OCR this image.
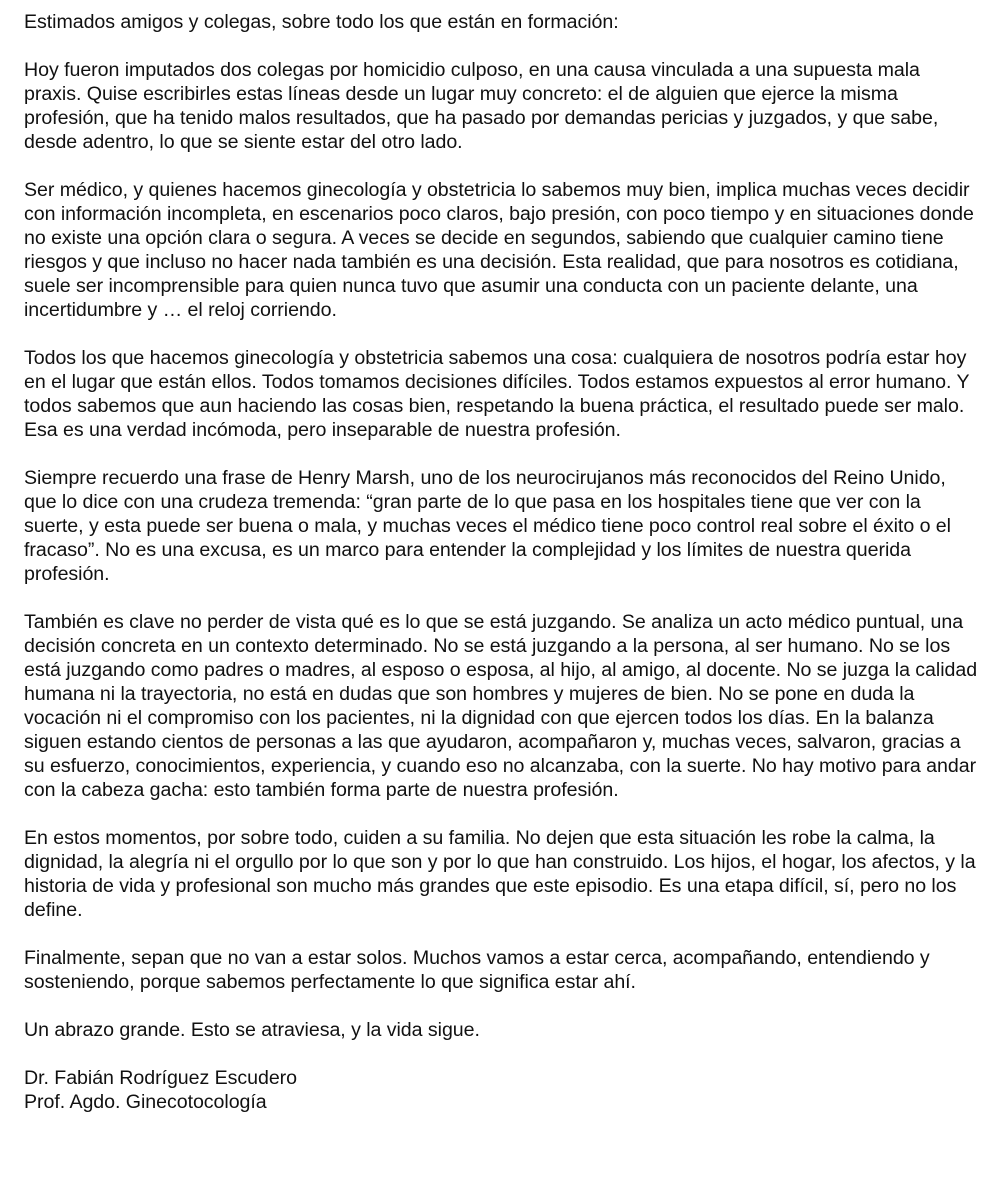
Estimados amigos y colegas, sobre todo los que están en formación:

Hoy fueron imputados dos colegas por homicidio culposo, en una causa vinculada a una supuesta mala praxis. Quise escribirles estas líneas desde un lugar muy concreto: el de alguien que ejerce la misma profesión, que ha tenido malos resultados, que ha pasado por demandas pericias y juzgados, y que sabe, desde adentro, lo que se siente estar del otro lado.

Ser médico, y quienes hacemos ginecología y obstetricia lo sabemos muy bien, implica muchas veces decidir con información incompleta, en escenarios poco claros, bajo presión, con poco tiempo y en situaciones donde no existe una opción clara o segura. A veces se decide en segundos, sabiendo que cualquier camino tiene riesgos y que incluso no hacer nada también es una decisión. Esta realidad, que para nosotros es cotidiana, suele ser incomprensible para quien nunca tuvo que asumir una conducta con un paciente delante, una incertidumbre y … el reloj corriendo.

Todos los que hacemos ginecología y obstetricia sabemos una cosa: cualquiera de nosotros podría estar hoy en el lugar que están ellos. Todos tomamos decisiones difíciles. Todos estamos expuestos al error humano. Y todos sabemos que aun haciendo las cosas bien, respetando la buena práctica, el resultado puede ser malo. Esa es una verdad incómoda, pero inseparable de nuestra profesión.

Siempre recuerdo una frase de Henry Marsh, uno de los neurocirujanos más reconocidos del Reino Unido, que lo dice con una crudeza tremenda: “gran parte de lo que pasa en los hospitales tiene que ver con la suerte, y esta puede ser buena o mala, y muchas veces el médico tiene poco control real sobre el éxito o el fracaso”. No es una excusa, es un marco para entender la complejidad y los límites de nuestra querida profesión.

También es clave no perder de vista qué es lo que se está juzgando. Se analiza un acto médico puntual, una decisión concreta en un contexto determinado. No se está juzgando a la persona, al ser humano. No se los está juzgando como padres o madres, al esposo o esposa, al hijo, al amigo, al docente. No se juzga la calidad humana ni la trayectoria, no está en dudas que son hombres y mujeres de bien. No se pone en duda la vocación ni el compromiso con los pacientes, ni la dignidad con que ejercen todos los días. En la balanza siguen estando cientos de personas a las que ayudaron, acompañaron y, muchas veces, salvaron, gracias a su esfuerzo, conocimientos, experiencia, y cuando eso no alcanzaba, con la suerte. No hay motivo para andar con la cabeza gacha: esto también forma parte de nuestra profesión.

En estos momentos, por sobre todo, cuiden a su familia. No dejen que esta situación les robe la calma, la dignidad, la alegría ni el orgullo por lo que son y por lo que han construido. Los hijos, el hogar, los afectos, y la historia de vida y profesional son mucho más grandes que este episodio. Es una etapa difícil, sí, pero no los define.

Finalmente, sepan que no van a estar solos. Muchos vamos a estar cerca, acompañando, entendiendo y sosteniendo, porque sabemos perfectamente lo que significa estar ahí.

Un abrazo grande. Esto se atraviesa, y la vida sigue.

Dr. Fabián Rodríguez Escudero
Prof. Agdo. Ginecotocología
